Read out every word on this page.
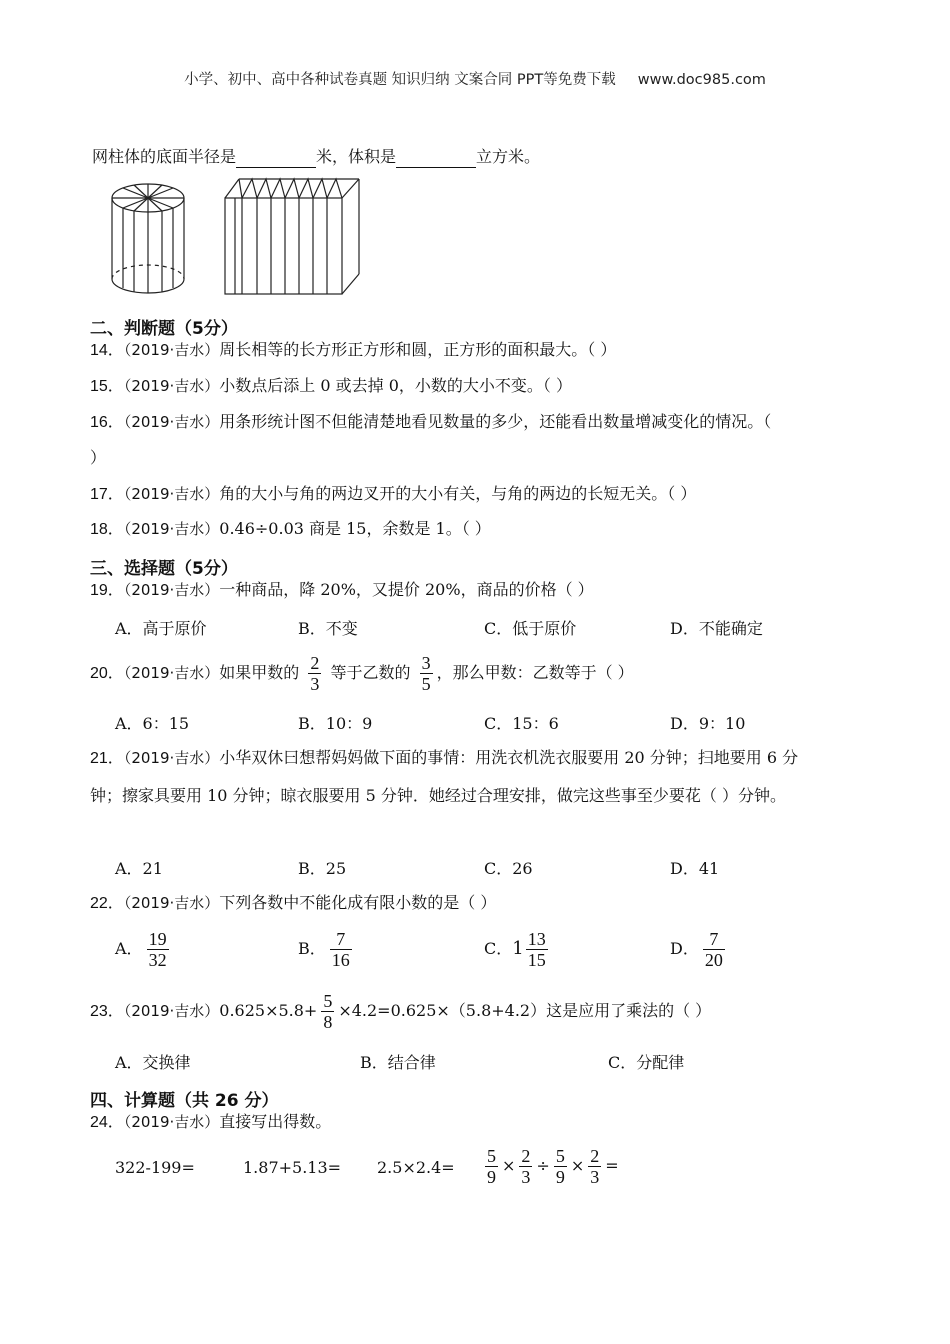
小学、初中、高中各种试卷真题 知识归纳 文案合同 PPT等免费下载 www.doc985.com
网柱体的底面半径是	米，体积是	立方米。
二、判断题（5分）
14．（2019·吉水）周长相等的长方形正方形和圆，正方形的面积最大。（ ）
15．（2019·吉水）小数点后添上 0 或去掉 0，小数的大小不变。（ ）
16．（2019·吉水）用条形统计图不但能清楚地看见数量的多少，还能看出数量增减变化的情况。（
）
17．（2019·吉水）角的大小与角的两边叉开的大小有关，与角的两边的长短无关。（ ）
18．（2019·吉水）0.46÷0.03 商是 15，余数是 1。（ ）
三、选择题（5分）
19．（2019·吉水）一种商品，降 20%，又提价 20%，商品的价格（ ）
A．高于原价	B．不变	C．低于原价	D．不能确定
20．（2019·吉水）如果甲数的 $\frac{2}{3}$ 等于乙数的 $\frac{3}{5}$ ，那么甲数：乙数等于（ ）
A．6：15	B．10：9	C．15：6	D．9：10
21．（2019·吉水）小华双休曰想帮妈妈做下面的事情：用洗衣机洗衣服要用 20 分钟；扫地要用 6 分
钟；擦家具要用 10 分钟；晾衣服要用 5 分钟．她经过合理安排，做完这些事至少要花（ ）分钟。
A．21	B．25	C．26	D．41
22．（2019·吉水）下列各数中不能化成有限小数的是（ ）
A． $\frac{19}{32}$	B． $\frac{7}{16}$	C．$1 \frac{13}{15}$	D． $\frac{7}{20}$
23．（2019·吉水）$0.625\times 5.8+ \frac{5}{8} \times 4.2=0.625\times(5.8+4.2)$这是应用了乘法的（ ）
A．交换律	B．结合律	C．分配律
四、计算题（共 26 分）
24．（2019·吉水）直接写出得数。
322-199=	$1.87+5.13= 2.5\times 2.4= \frac{5}{9} \times \frac{2}{3} \div \frac{5}{9} \times \frac{2}{3}$ =
